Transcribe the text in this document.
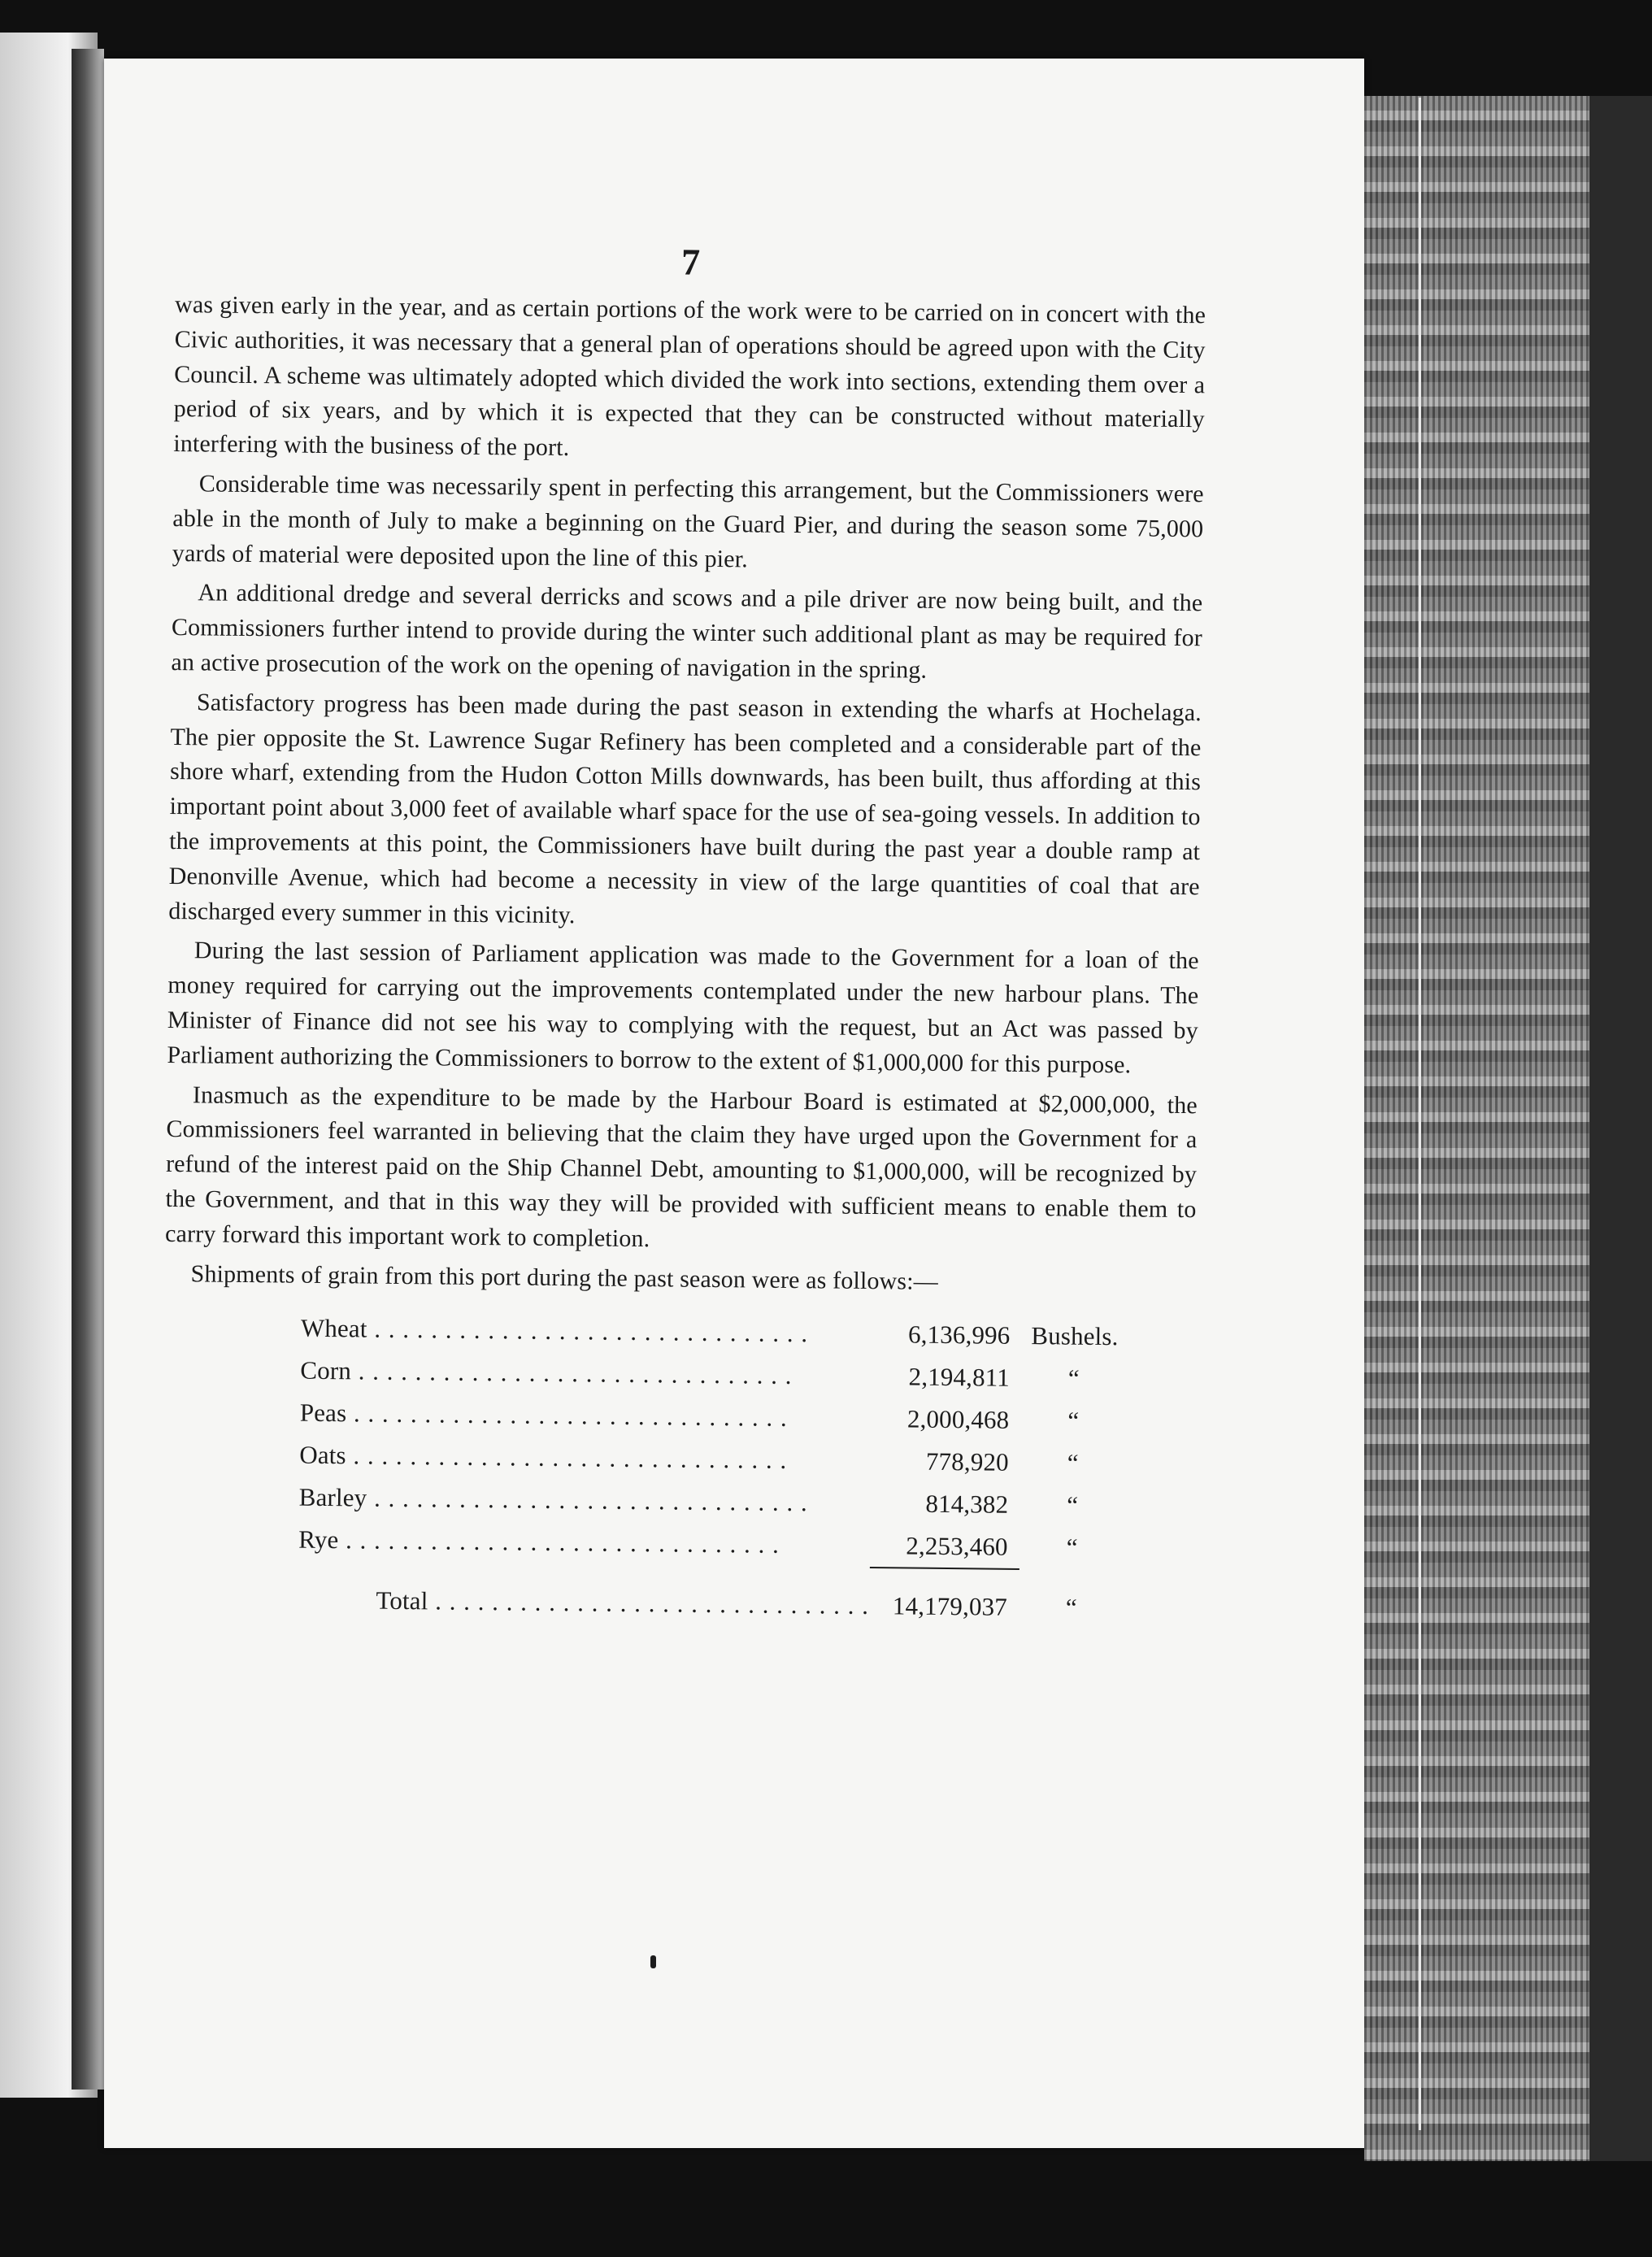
7

was given early in the year, and as certain portions of the work were to be carried on in concert with the Civic authorities, it was necessary that a general plan of operations should be agreed upon with the City Council. A scheme was ultimately adopted which divided the work into sections, extending them over a period of six years, and by which it is expected that they can be constructed without materially interfering with the business of the port.

Considerable time was necessarily spent in perfecting this arrangement, but the Commissioners were able in the month of July to make a beginning on the Guard Pier, and during the season some 75,000 yards of material were deposited upon the line of this pier.

An additional dredge and several derricks and scows and a pile driver are now being built, and the Commissioners further intend to provide during the winter such additional plant as may be required for an active prosecution of the work on the opening of navigation in the spring.

Satisfactory progress has been made during the past season in extending the wharfs at Hochelaga. The pier opposite the St. Lawrence Sugar Refinery has been completed and a considerable part of the shore wharf, extending from the Hudon Cotton Mills downwards, has been built, thus affording at this important point about 3,000 feet of available wharf space for the use of sea-going vessels. In addition to the improvements at this point, the Commissioners have built during the past year a double ramp at Denonville Avenue, which had become a necessity in view of the large quantities of coal that are discharged every summer in this vicinity.

During the last session of Parliament application was made to the Government for a loan of the money required for carrying out the improvements contemplated under the new harbour plans. The Minister of Finance did not see his way to complying with the request, but an Act was passed by Parliament authorizing the Commissioners to borrow to the extent of $1,000,000 for this purpose.

Inasmuch as the expenditure to be made by the Harbour Board is estimated at $2,000,000, the Commissioners feel warranted in believing that the claim they have urged upon the Government for a refund of the interest paid on the Ship Channel Debt, amounting to $1,000,000, will be recognized by the Government, and that in this way they will be provided with sufficient means to enable them to carry forward this important work to completion.

Shipments of grain from this port during the past season were as follows:—

Wheat . . .	6,136,996	Bushels.
Corn . . .	2,194,811	“
Peas . . .	2,000,468	“
Oats . . .	778,920	“
Barley . . .	814,382	“
Rye . . .	2,253,460	“

Total . . .	14,179,037	“
